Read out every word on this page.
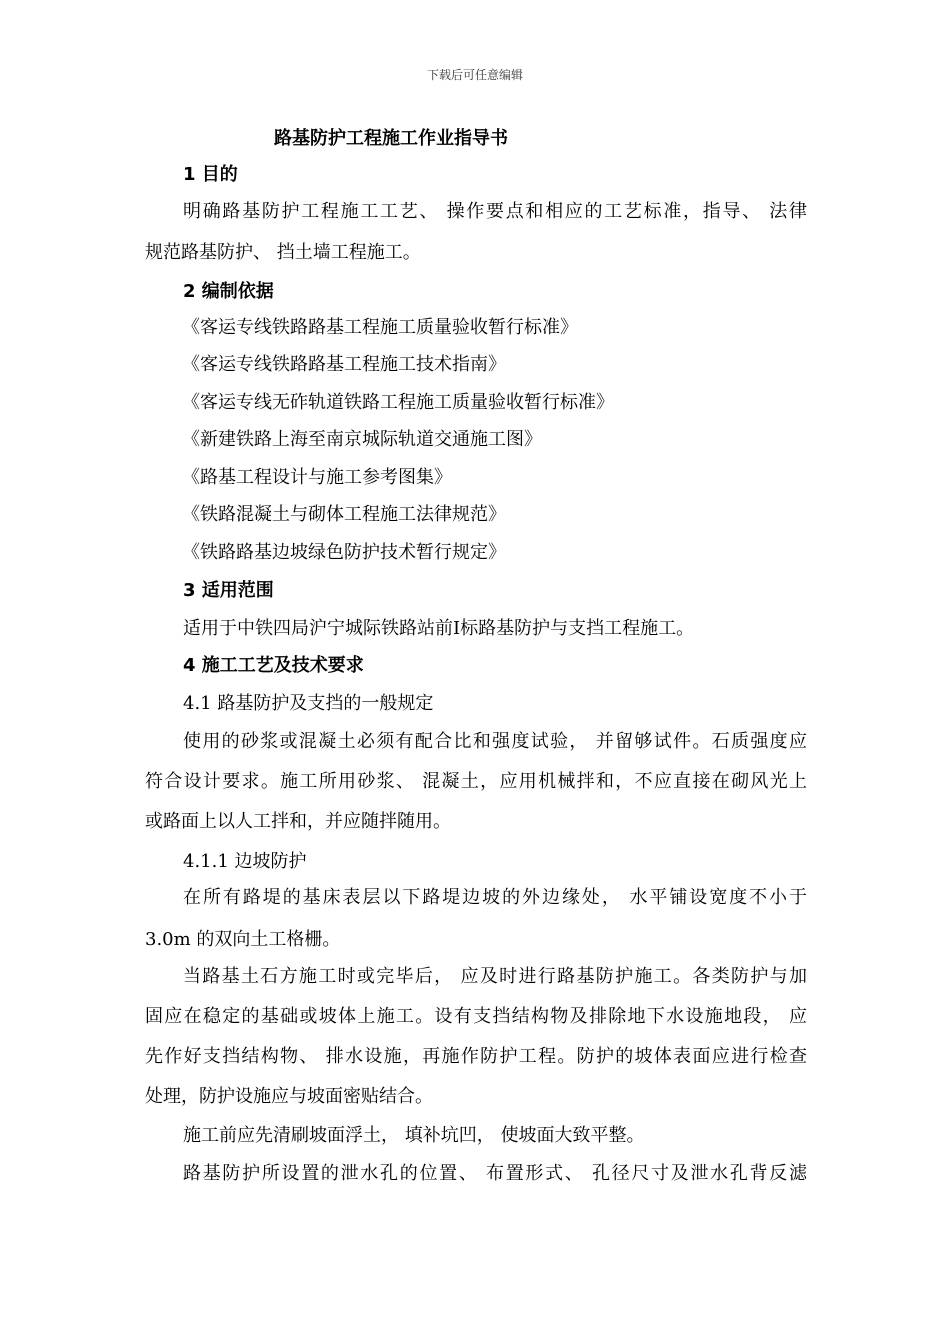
下载后可任意编辑
路基防护工程施工作业指导书
1 目的
明确路基防护工程施工工艺、 操作要点和相应的工艺标准，指导、 法律
规范路基防护、 挡土墙工程施工。
2 编制依据
《客运专线铁路路基工程施工质量验收暂行标准》
《客运专线铁路路基工程施工技术指南》
《客运专线无砟轨道铁路工程施工质量验收暂行标准》
《新建铁路上海至南京城际轨道交通施工图》
《路基工程设计与施工参考图集》
《铁路混凝土与砌体工程施工法律规范》
《铁路路基边坡绿色防护技术暂行规定》
3 适用范围
适用于中铁四局沪宁城际铁路站前Ⅰ标路基防护与支挡工程施工。
4 施工工艺及技术要求
4.1 路基防护及支挡的一般规定
使用的砂浆或混凝土必须有配合比和强度试验， 并留够试件。石质强度应
符合设计要求。施工所用砂浆、 混凝土，应用机械拌和，不应直接在砌风光上
或路面上以人工拌和，并应随拌随用。
4.1.1 边坡防护
在所有路堤的基床表层以下路堤边坡的外边缘处， 水平铺设宽度不小于
3.0m 的双向土工格栅。
当路基土石方施工时或完毕后， 应及时进行路基防护施工。各类防护与加
固应在稳定的基础或坡体上施工。设有支挡结构物及排除地下水设施地段， 应
先作好支挡结构物、 排水设施，再施作防护工程。防护的坡体表面应进行检查
处理，防护设施应与坡面密贴结合。
施工前应先清刷坡面浮土， 填补坑凹， 使坡面大致平整。
路基防护所设置的泄水孔的位置、 布置形式、 孔径尺寸及泄水孔背反滤
